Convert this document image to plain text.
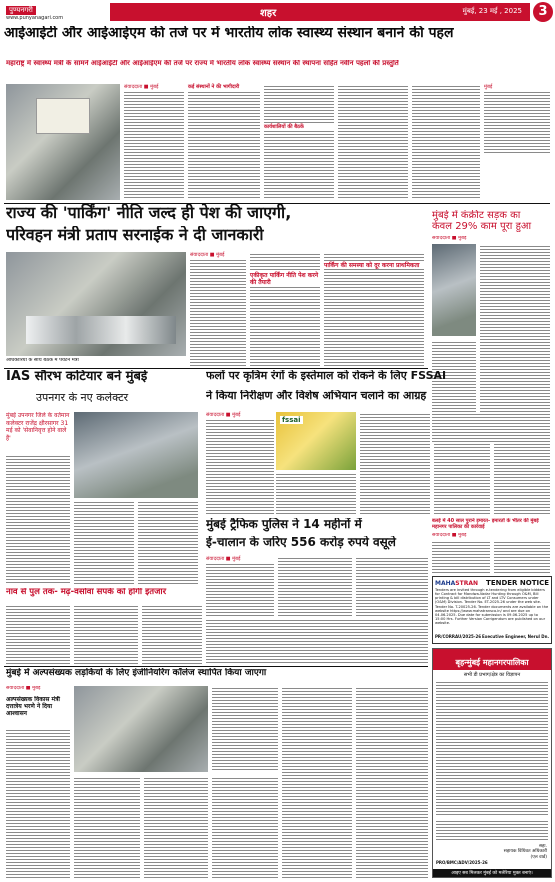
पुण्यनगरी
www.punyanagari.com	शहर	मुंबई, 23 मई , 2025	3
आईआईटी और आईआईएम की तर्ज पर में भारतीय लोक स्वास्थ्य संस्थान बनाने की पहल
महाराष्ट्र में स्वास्थ्य मंत्री के सामने आईआईटी और आईआईएम की तर्ज पर राज्य में भारतीय लोक स्वास्थ्य संस्थान की स्थापना सहित नवीन पहलों की प्रस्तुति
संवाददाता ■ मुंबई	कई संस्थानों ने की भागीदारी
कार्यशालियों की बैठकें
मुंबई
राज्य की 'पार्किंग' नीति जल्द ही पेश की जाएगी,
परिवहन मंत्री प्रताप सरनाईक ने दी जानकारी
मुंबई में कंक्रीट सड़क का
केवल 29% काम पूरा हुआ
अधिकारियों के साथ बैठक में पर्यटन मंत्री
संवाददाता ■ मुंबई
एकीकृत पार्किंग नीति पेश करने की तैयारी
पार्किंग की समस्या को दूर करना प्राथमिकता
संवाददाता ■ मुंबई
IAS सौरभ कटियार बने मुंबई
उपनगर के नए कलेक्टर
मुंबई उपनगर जिले के वर्तमान कलेक्टर राजेंद्र क्षीरसागर 31 मई को 'सेवानिवृत्त होने वाले हैं'
फलों पर कृत्रिम रंगों के इस्तेमाल को रोकने के लिए FSSAI
ने किया निरीक्षण और विशेष अभियान चलाने का आग्रह
संवाददाता ■ मुंबई
fssai
मुंबई ट्रैफिक पुलिस ने 14 महीनों में
ई-चालान के जरिए 556 करोड़ रुपये वसूले
संवाददाता ■ मुंबई
बलई में 40 साल पुराने इमारत- इमारतों के भीतर की मुंबई महानगर पालिका की कार्रवाई
संवाददाता ■ मुंबई
MAHASTRAN TENDER NOTICE
Tenders are invited through e-tendering from eligible bidders for Contract for Mandwa-Vadar Hunting through O&M, Bill printing & bill distribution of LT and LTV Consumers under (O&M) Division. Tender No. ET-2025-26 under the web site. Tender No. T-20025-26. Tender documents are available on the website https://www.mahatransco.in/ and are due on 04.06.2025. Due date for submission is 09.06.2025 up to 15:00 Hrs. Further Version Corrigendum are published on our website.
PR/CORRAU/2025-26 Executive Engineer, Nerul Dn.
नाव से पुल तक- मढ़-वर्सोवा संपर्क को होगी इंतजार
मुंबई में अल्पसंख्यक लड़कियों के लिए इंजीनियरिंग कॉलेज स्थापित किया जाएगा
संवाददाता ■ मुंबई
अल्पसंख्यक विकास मंत्री दत्तात्रेय भरणे ने दिया आश्वासन
बृहन्मुंबई महानगरपालिका
सभी डी प्रभाग/क्षेत्र का विज्ञापन
सहा.
सहायक विधिवत अधिकारी
(एल वार्ड)
PRO/BMC/ADV/2025-26
आइए सब मिलकर मुंबई को मलेरिया मुक्त बनाएं।
